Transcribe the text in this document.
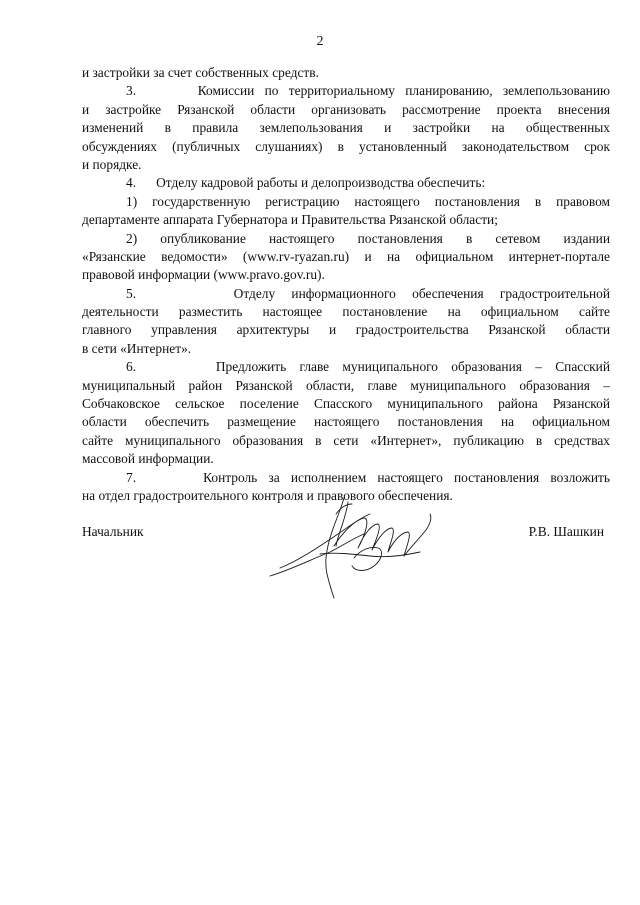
2
и застройки за счет собственных средств.
3.      Комиссии по территориальному планированию, землепользованию
и застройке Рязанской области организовать рассмотрение проекта внесения
изменений в правила землепользования и застройки на общественных
обсуждениях (публичных слушаниях) в установленный законодательством срок
и порядке.
4.      Отделу кадровой работы и делопроизводства обеспечить:
1) государственную регистрацию настоящего постановления в правовом
департаменте аппарата Губернатора и Правительства Рязанской области;
2) опубликование настоящего постановления в сетевом издании
«Рязанские ведомости» (www.rv-ryazan.ru) и на официальном интернет-портале
правовой информации (www.pravo.gov.ru).
5.      Отделу информационного обеспечения градостроительной
деятельности разместить настоящее постановление на официальном сайте
главного управления архитектуры и градостроительства Рязанской области
в сети «Интернет».
6.      Предложить главе муниципального образования – Спасский
муниципальный район Рязанской области, главе муниципального образования –
Собчаковское сельское поселение Спасского муниципального района Рязанской
области обеспечить размещение настоящего постановления на официальном
сайте муниципального образования в сети «Интернет», публикацию в средствах
массовой информации.
7.      Контроль за исполнением настоящего постановления возложить
на отдел градостроительного контроля и правового обеспечения.
Начальник	Р.В. Шашкин
